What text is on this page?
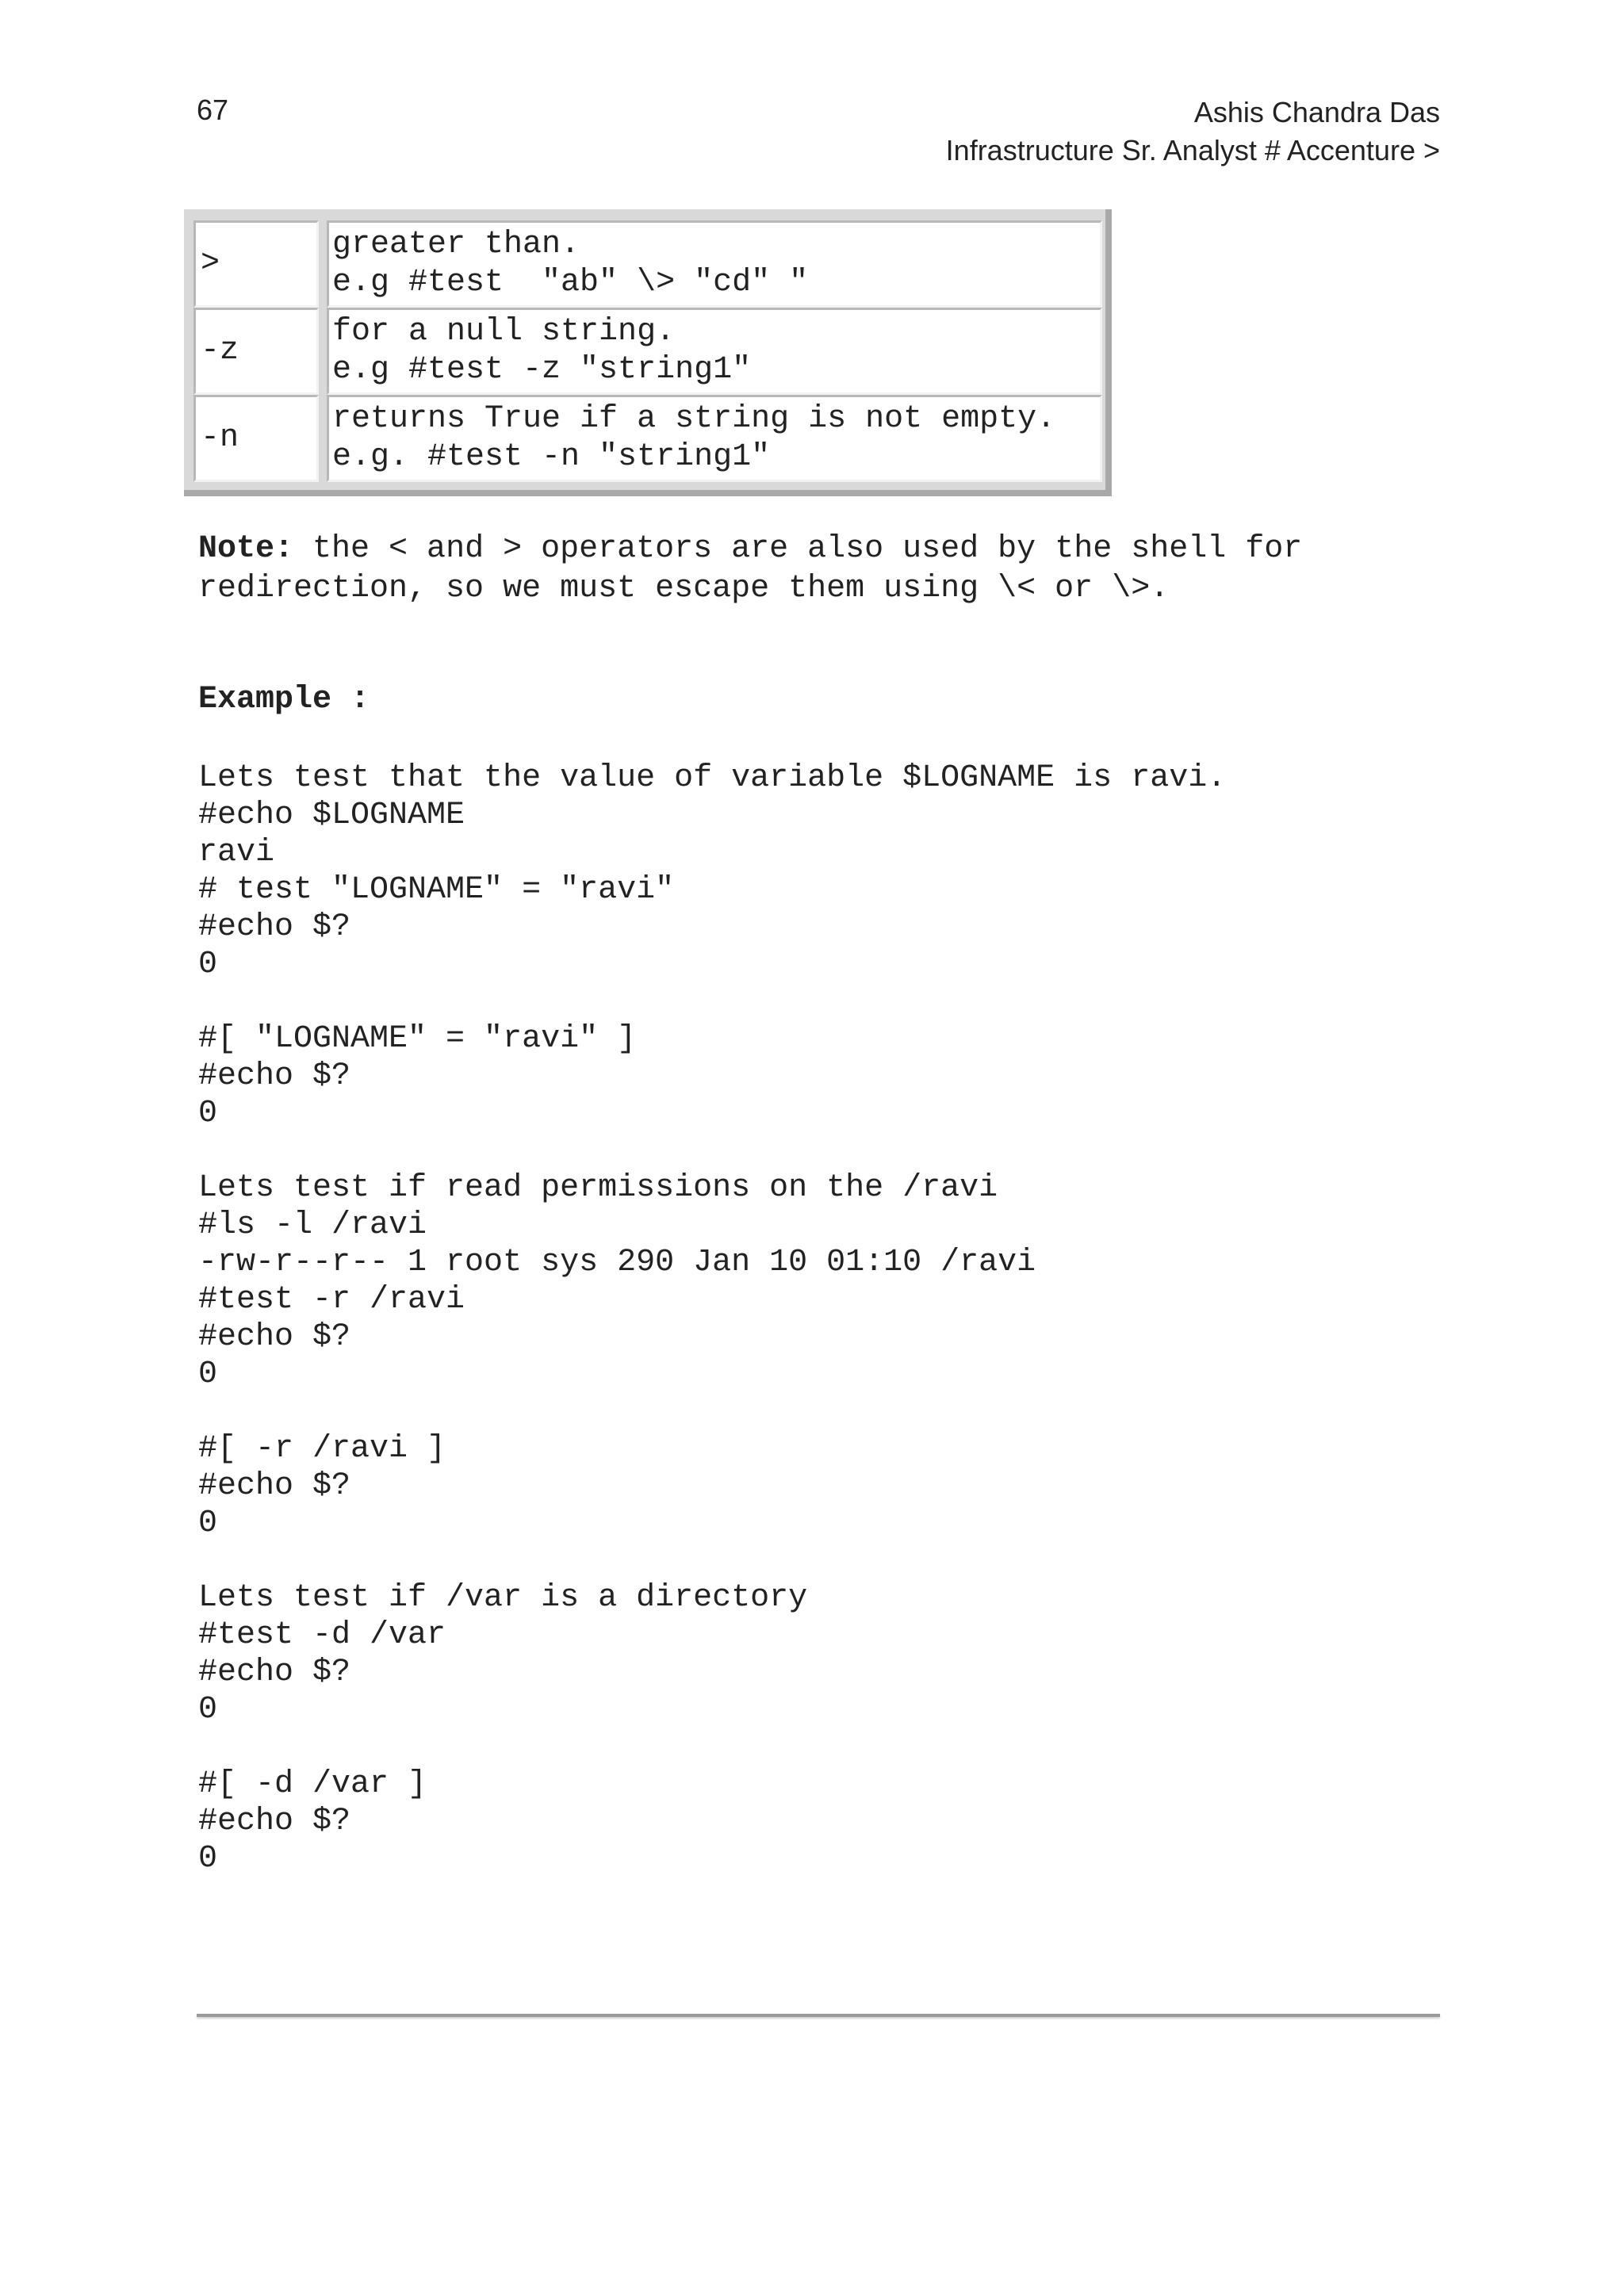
67	Ashis Chandra Das
Infrastructure Sr. Analyst # Accenture >
>
greater than.
e.g #test  "ab" \> "cd" "
-z
for a null string.
e.g #test -z "string1"
-n
returns True if a string is not empty.
e.g. #test -n "string1"
Note: the < and > operators are also used by the shell for
redirection, so we must escape them using \< or \>.
Example :
Lets test that the value of variable $LOGNAME is ravi.
#echo $LOGNAME
ravi
# test "LOGNAME" = "ravi"
#echo $?
0
#[ "LOGNAME" = "ravi" ]
#echo $?
0
Lets test if read permissions on the /ravi
#ls -l /ravi
-rw-r--r-- 1 root sys 290 Jan 10 01:10 /ravi
#test -r /ravi
#echo $?
0
#[ -r /ravi ]
#echo $?
0
Lets test if /var is a directory
#test -d /var
#echo $?
0
#[ -d /var ]
#echo $?
0
